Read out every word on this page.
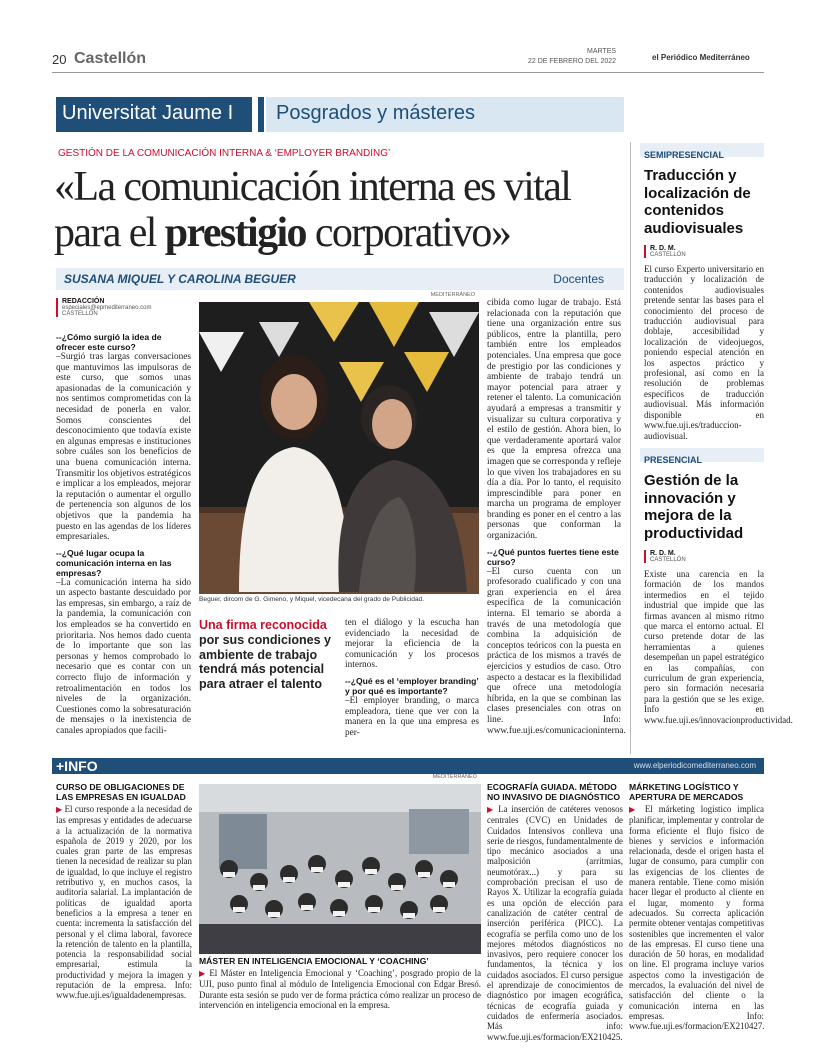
20 Castellón	MARTES
22 DE FEBRERO DEL 2022	el Periódico Mediterráneo
Universitat Jaume I Posgrados y másteres
GESTIÓN DE LA COMUNICACIÓN INTERNA & ‘EMPLOYER BRANDING’
«La comunicación interna es vital
para el prestigio corporativo»
SUSANA MIQUEL Y CAROLINA BEGUER	Docentes
REDACCIÓN
especiales@epmediterraneo.com
CASTELLÓN
--¿Cómo surgió la idea de ofrecer este curso?
–Surgió tras largas conversaciones que mantuvimos las impulsoras de este curso, que somos unas apasionadas de la comunicación y nos sentimos comprometidas con la necesidad de ponerla en valor. Somos conscientes del desconocimiento que todavía existe en algunas empresas e instituciones sobre cuáles son los beneficios de una buena comunicación interna. Transmitir los objetivos estratégicos e implicar a los empleados, mejorar la reputación o aumentar el orgullo de pertenencia son algunos de los objetivos que la pandemia ha puesto en las agendas de los líderes empresariales.
--¿Qué lugar ocupa la comunicación interna en las empresas?
–La comunicación interna ha sido un aspecto bastante descuidado por las empresas, sin embargo, a raíz de la pandemia, la comunicación con los empleados se ha convertido en prioritaria. Nos hemos dado cuenta de lo importante que son las personas y hemos comprobado lo necesario que es contar con un correcto flujo de información y retroalimentación en todos los niveles de la organización. Cuestiones como la sobresaturación de mensajes o la inexistencia de canales apropiados que facili-
MEDITERRÁNEO
Beguer, dircom de G. Gimeno, y Miquel, vicedecana del grado de Publicidad.
Una firma reconocida
por sus condiciones y ambiente de trabajo tendrá más potencial para atraer el talento
ten el diálogo y la escucha han evidenciado la necesidad de mejorar la eficiencia de la comunicación y los procesos internos.
--¿Qué es el ‘employer branding’ y por qué es importante?
–El employer branding, o marca empleadora, tiene que ver con la manera en la que una empresa es per-
cibida como lugar de trabajo. Está relacionada con la reputación que tiene una organización entre sus públicos, entre la plantilla, pero también entre los empleados potenciales. Una empresa que goce de prestigio por las condiciones y ambiente de trabajo tendrá un mayor potencial para atraer y retener el talento. La comunicación ayudará a empresas a transmitir y visualizar su cultura corporativa y el estilo de gestión. Ahora bien, lo que verdaderamente aportará valor es que la empresa ofrezca una imagen que se corresponda y refleje lo que viven los trabajadores en su día a día. Por lo tanto, el requisito imprescindible para poner en marcha un programa de employer branding es poner en el centro a las personas que conforman la organización.
--¿Qué puntos fuertes tiene este curso?
–El curso cuenta con un profesorado cualificado y con una gran experiencia en el área específica de la comunicación interna. El temario se aborda a través de una metodología que combina la adquisición de conceptos teóricos con la puesta en práctica de los mismos a través de ejercicios y estudios de caso. Otro aspecto a destacar es la flexibilidad que ofrece una metodología híbrida, en la que se combinan las clases presenciales con otras on line. Info: www.fue.uji.es/comunicacioninterna.
SEMIPRESENCIAL
Traducción y localización de contenidos audiovisuales
R. D. M.
CASTELLÓN
El curso Experto universitario en traducción y localización de contenidos audiovisuales pretende sentar las bases para el conocimiento del proceso de traducción audiovisual para doblaje, accesibilidad y localización de videojuegos, poniendo especial atención en los aspectos práctico y profesional, así como en la resolución de problemas específicos de traducción audiovisual. Más información disponible en www.fue.uji.es/traduccion-audiovisual.
PRESENCIAL
Gestión de la innovación y mejora de la productividad
R. D. M.
CASTELLÓN
Existe una carencia en la formación de los mandos intermedios en el tejido industrial que impide que las firmas avancen al mismo ritmo que marca el entorno actual. El curso pretende dotar de las herramientas a quienes desempeñan un papel estratégico en las compañías, con curriculum de gran experiencia, pero sin formación necesaria para la gestión que se les exige. Info en www.fue.uji.es/innovacionproductividad.
+INFO	www.elperiodicomediterraneo.com
CURSO DE OBLIGACIONES DE LAS EMPRESAS EN IGUALDAD
▶ El curso responde a la necesidad de las empresas y entidades de adecuarse a la actualización de la normativa española de 2019 y 2020, por los cuales gran parte de las empresas tienen la necesidad de realizar su plan de igualdad, lo que incluye el registro retributivo y, en muchos casos, la auditoría salarial. La implantación de políticas de igualdad aporta beneficios a la empresa a tener en cuenta: incrementa la satisfacción del personal y el clima laboral, favorece la retención de talento en la plantilla, potencia la responsabilidad social empresarial, estimula la productividad y mejora la imagen y reputación de la empresa. Info: www.fue.uji.es/igualdadenempresas.
MEDITERRÁNEO
MÁSTER EN INTELIGENCIA EMOCIONAL Y ‘COACHING’
▶ El Máster en Inteligencia Emocional y ‘Coaching’, posgrado propio de la UJI, puso punto final al módulo de Inteligencia Emocional con Edgar Bresó. Durante esta sesión se pudo ver de forma práctica cómo realizar un proceso de intervención en inteligencia emocional en la empresa.
ECOGRAFÍA GUIADA. MÉTODO NO INVASIVO DE DIAGNÓSTICO
▶ La inserción de catéteres venosos centrales (CVC) en Unidades de Cuidados Intensivos conlleva una serie de riesgos, fundamentalmente de tipo mecánico asociados a una malposición (arritmias, neumotórax...) y para su comprobación precisan el uso de Rayos X. Utilizar la ecografía guiada es una opción de elección para canalización de catéter central de inserción periférica (PICC). La ecografía se perfila como uno de los mejores métodos diagnósticos no invasivos, pero requiere conocer los fundamentos, la técnica y los cuidados asociados. El curso persigue el aprendizaje de conocimientos de diagnóstico por imagen ecográfica, técnicas de ecografía guiada y cuidados de enfermería asociados. Más info: www.fue.uji.es/formacion/EX210425.
MÁRKETING LOGÍSTICO Y APERTURA DE MERCADOS
▶ El márketing logístico implica planificar, implementar y controlar de forma eficiente el flujo físico de bienes y servicios e información relacionada, desde el origen hasta el lugar de consumo, para cumplir con las exigencias de los clientes de manera rentable. Tiene como misión hacer llegar el producto al cliente en el lugar, momento y forma adecuados. Su correcta aplicación permite obtener ventajas competitivas sostenibles que incrementen el valor de las empresas. El curso tiene una duración de 50 horas, en modalidad on line. El programa incluye varios aspectos como la investigación de mercados, la evaluación del nivel de satisfacción del cliente o la comunicación interna en las empresas. Info: www.fue.uji.es/formacion/EX210427.
